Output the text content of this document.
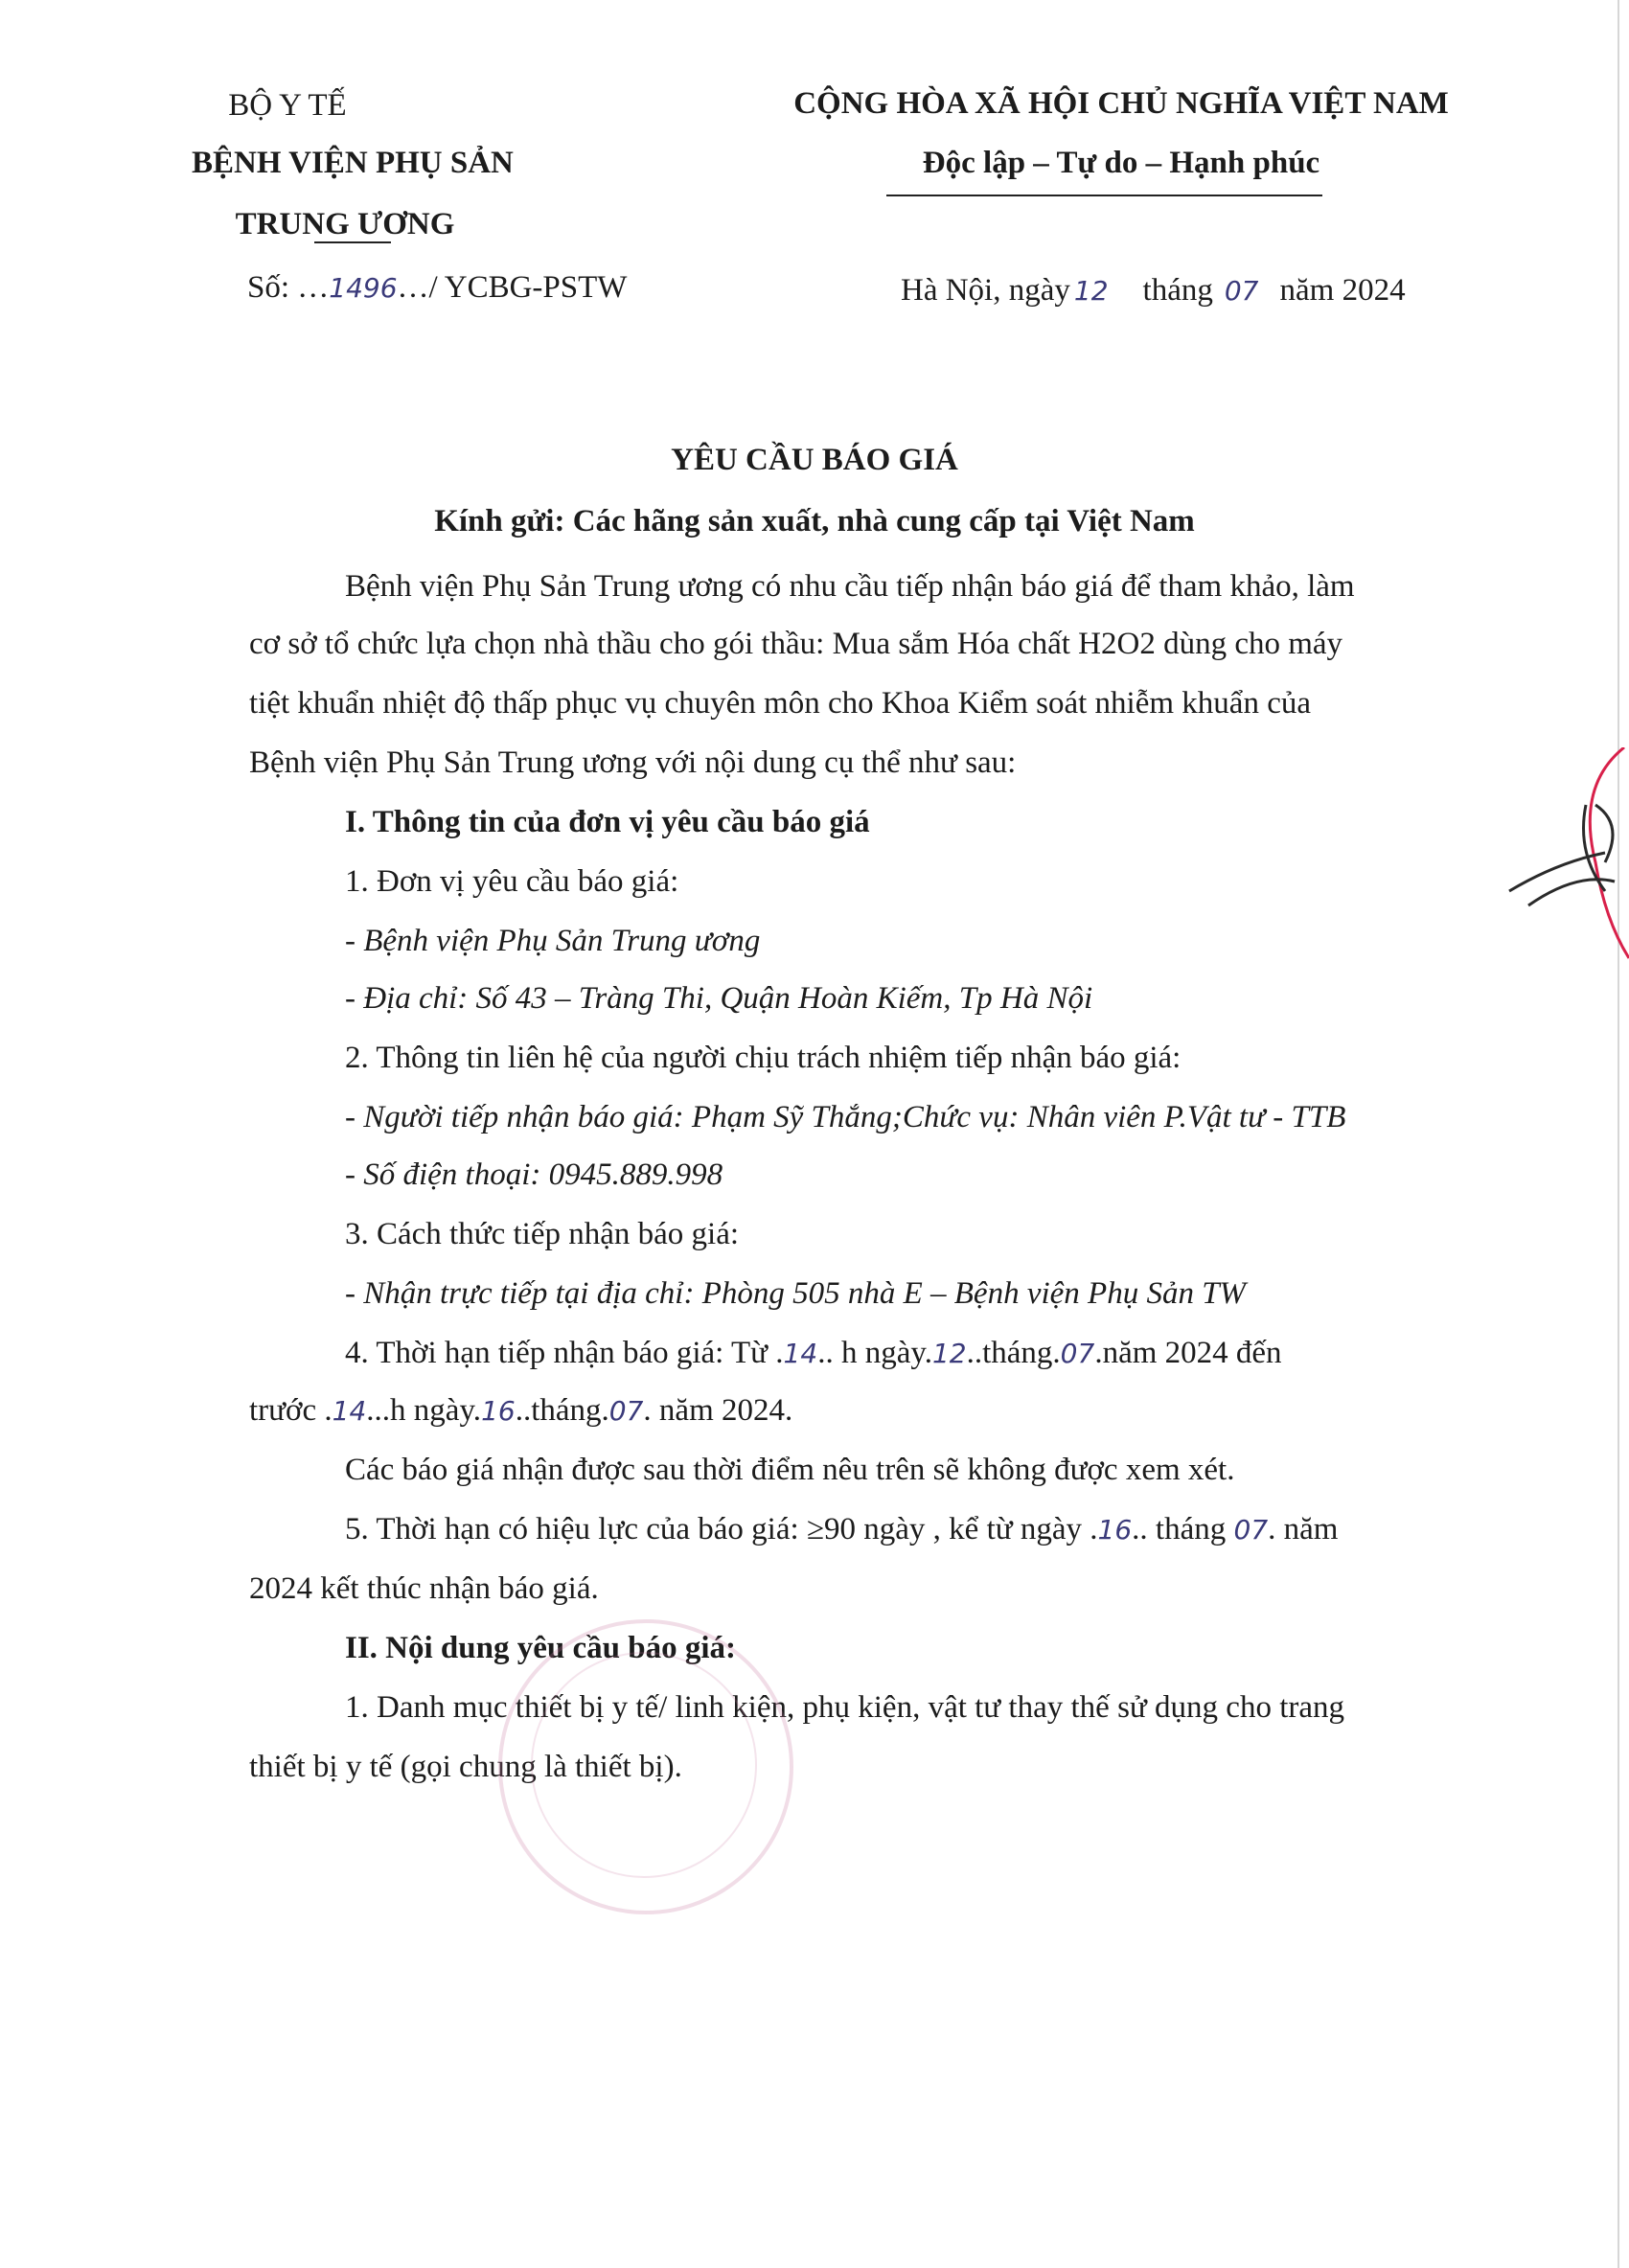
BỘ Y TẾ
BỆNH VIỆN PHỤ SẢN
TRUNG ƯƠNG
Số: …1496…/ YCBG-PSTW
CỘNG HÒA XÃ HỘI CHỦ NGHĨA VIỆT NAM
Độc lập – Tự do – Hạnh phúc
Hà Nội, ngày 12 tháng 07 năm 2024
YÊU CẦU BÁO GIÁ
Kính gửi: Các hãng sản xuất, nhà cung cấp tại Việt Nam
Bệnh viện Phụ Sản Trung ương có nhu cầu tiếp nhận báo giá để tham khảo, làm
cơ sở tổ chức lựa chọn nhà thầu cho gói thầu: Mua sắm Hóa chất H2O2 dùng cho máy
tiệt khuẩn nhiệt độ thấp phục vụ chuyên môn cho Khoa Kiểm soát nhiễm khuẩn của
Bệnh viện Phụ Sản Trung ương với nội dung cụ thể như sau:
I. Thông tin của đơn vị yêu cầu báo giá
1. Đơn vị yêu cầu báo giá:
- Bệnh viện Phụ Sản Trung ương
- Địa chỉ: Số 43 – Tràng Thi, Quận Hoàn Kiếm, Tp Hà Nội
2. Thông tin liên hệ của người chịu trách nhiệm tiếp nhận báo giá:
- Người tiếp nhận báo giá: Phạm Sỹ Thắng;Chức vụ: Nhân viên P.Vật tư - TTB
- Số điện thoại: 0945.889.998
3. Cách thức tiếp nhận báo giá:
- Nhận trực tiếp tại địa chỉ: Phòng 505 nhà E – Bệnh viện Phụ Sản TW
4. Thời hạn tiếp nhận báo giá: Từ .14.. h ngày.12..tháng.07.năm 2024 đến
trước .14...h ngày.16..tháng.07. năm 2024.
Các báo giá nhận được sau thời điểm nêu trên sẽ không được xem xét.
5. Thời hạn có hiệu lực của báo giá: ≥90 ngày , kể từ ngày .16.. tháng 07. năm
2024 kết thúc nhận báo giá.
II. Nội dung yêu cầu báo giá:
1. Danh mục thiết bị y tế/ linh kiện, phụ kiện, vật tư thay thế sử dụng cho trang
thiết bị y tế (gọi chung là thiết bị).
